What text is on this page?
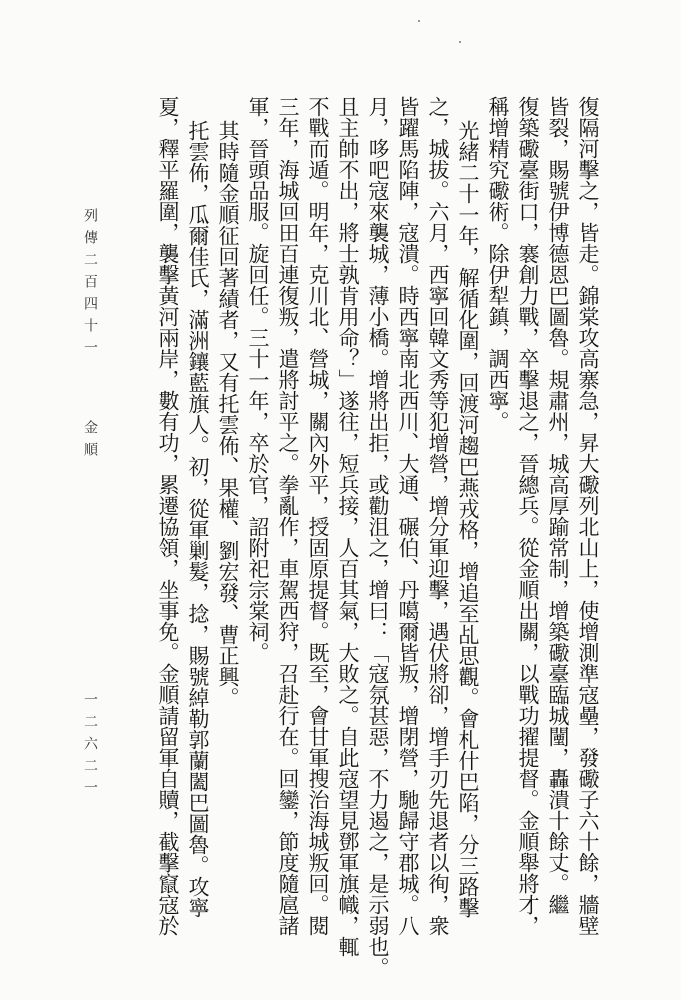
復隔河擊之，皆走。錦棠攻高寨急，昇大礮列北山上，使增測準寇壘，發礮子六十餘，牆壁
皆裂，賜號伊博德恩巴圖魯。規肅州，城高厚踰常制，增築礮臺臨城闉，轟潰十餘丈。繼
復築礮臺街口，褰創力戰，卒擊退之，晉總兵。從金順出關，以戰功擢提督。金順舉將才，
稱增精究礮術。除伊犁鎮，調西寧。
光緒二十一年，解循化圍，回渡河趨巴燕戎格，增追至乩思觀。會札什巴陷，分三路擊
之，城拔。六月，西寧回韓文秀等犯增營，增分軍迎擊，遇伏將卻，增手刃先退者以徇，衆
皆躍馬陷陣，寇潰。時西寧南北西川、大通、碾伯、丹噶爾皆叛，增閉營，馳歸守郡城。八
月，哆吧寇來襲城，薄小橋。增將出拒，或勸沮之，增曰：「寇氛甚惡，不力遏之，是示弱也。
且主帥不出，將士孰肯用命？」遂往，短兵接，人百其氣，大敗之。自此寇望見鄧軍旗幟，輒
不戰而遁。明年，克川北、營城，關內外平，授固原提督。既至，會甘軍搜治海城叛回。閱
三年，海城回田百連復叛，遣將討平之。拳亂作，車駕西狩，召赴行在。回鑾，節度隨扈諸
軍，晉頭品服。旋回任。三十一年，卒於官，詔附祀宗棠祠。
其時隨金順征回著績者，又有托雲佈、果權、劉宏發、曹正興。
托雲佈，瓜爾佳氏，滿洲鑲藍旗人。初，從軍剿髮，捻，賜號綽勒郭蘭闔巴圖魯。攻寧
夏，釋平羅圍，襲擊黃河兩岸，數有功，累遷協領，坐事免。金順請留軍自贖，截擊竄寇於
列傳二百四十一
金順
一二六二一
